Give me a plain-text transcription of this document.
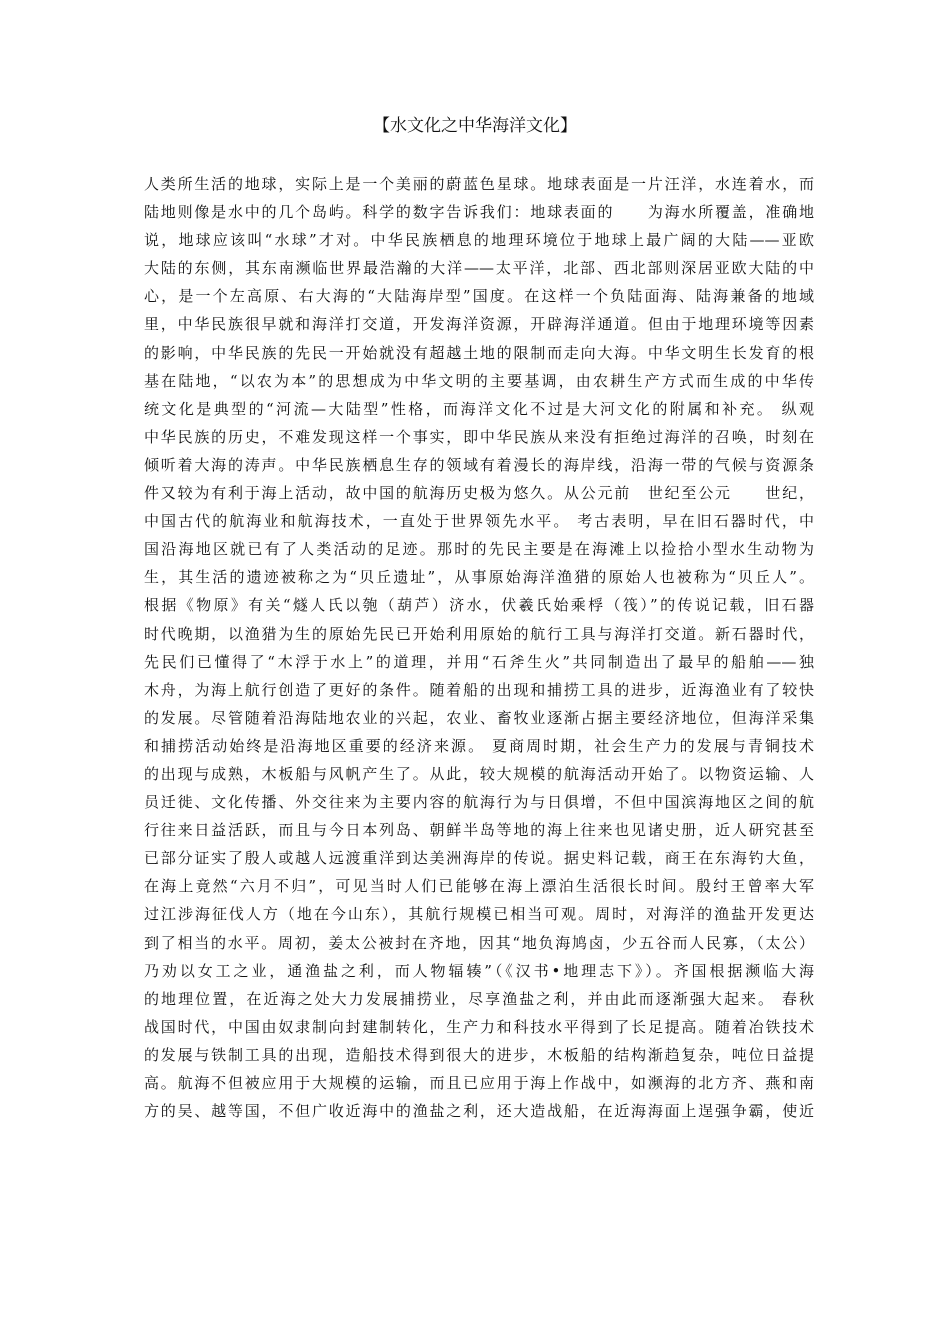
【水文化之中华海洋文化】
人类所生活的地球，实际上是一个美丽的蔚蓝色星球。地球表面是一片汪洋，水连着水，而
陆地则像是水中的几个岛屿。科学的数字告诉我们：地球表面的　　为海水所覆盖，准确地
说，地球应该叫“水球”才对。中华民族栖息的地理环境位于地球上最广阔的大陆——亚欧
大陆的东侧，其东南濒临世界最浩瀚的大洋——太平洋，北部、西北部则深居亚欧大陆的中
心，是一个左高原、右大海的“大陆海岸型”国度。在这样一个负陆面海、陆海兼备的地域
里，中华民族很早就和海洋打交道，开发海洋资源，开辟海洋通道。但由于地理环境等因素
的影响，中华民族的先民一开始就没有超越土地的限制而走向大海。中华文明生长发育的根
基在陆地，“以农为本”的思想成为中华文明的主要基调，由农耕生产方式而生成的中华传
统文化是典型的“河流—大陆型”性格，而海洋文化不过是大河文化的附属和补充。 纵观
中华民族的历史，不难发现这样一个事实，即中华民族从来没有拒绝过海洋的召唤，时刻在
倾听着大海的涛声。中华民族栖息生存的领域有着漫长的海岸线，沿海一带的气候与资源条
件又较为有利于海上活动，故中国的航海历史极为悠久。从公元前　世纪至公元　　世纪，
中国古代的航海业和航海技术，一直处于世界领先水平。 考古表明，早在旧石器时代，中
国沿海地区就已有了人类活动的足迹。那时的先民主要是在海滩上以捡拾小型水生动物为
生，其生活的遗迹被称之为“贝丘遗址”，从事原始海洋渔猎的原始人也被称为“贝丘人”。
根据《物原》有关“燧人氏以匏（葫芦）济水，伏羲氏始乘桴（筏）”的传说记载，旧石器
时代晚期，以渔猎为生的原始先民已开始利用原始的航行工具与海洋打交道。新石器时代，
先民们已懂得了“木浮于水上”的道理，并用“石斧生火”共同制造出了最早的船舶——独
木舟，为海上航行创造了更好的条件。随着船的出现和捕捞工具的进步，近海渔业有了较快
的发展。尽管随着沿海陆地农业的兴起，农业、畜牧业逐渐占据主要经济地位，但海洋采集
和捕捞活动始终是沿海地区重要的经济来源。 夏商周时期，社会生产力的发展与青铜技术
的出现与成熟，木板船与风帆产生了。从此，较大规模的航海活动开始了。以物资运输、人
员迁徙、文化传播、外交往来为主要内容的航海行为与日俱增，不但中国滨海地区之间的航
行往来日益活跃，而且与今日本列岛、朝鲜半岛等地的海上往来也见诸史册，近人研究甚至
已部分证实了殷人或越人远渡重洋到达美洲海岸的传说。据史料记载，商王在东海钓大鱼，
在海上竟然“六月不归”，可见当时人们已能够在海上漂泊生活很长时间。殷纣王曾率大军
过江涉海征伐人方（地在今山东），其航行规模已相当可观。周时，对海洋的渔盐开发更达
到了相当的水平。周初，姜太公被封在齐地，因其“地负海鸠卤，少五谷而人民寡，（太公）
乃劝以女工之业，通渔盐之利，而人物辐辏”（《汉书•地理志下》）。齐国根据濒临大海
的地理位置，在近海之处大力发展捕捞业，尽享渔盐之利，并由此而逐渐强大起来。 春秋
战国时代，中国由奴隶制向封建制转化，生产力和科技水平得到了长足提高。随着冶铁技术
的发展与铁制工具的出现，造船技术得到很大的进步，木板船的结构渐趋复杂，吨位日益提
高。航海不但被应用于大规模的运输，而且已应用于海上作战中，如濒海的北方齐、燕和南
方的吴、越等国，不但广收近海中的渔盐之利，还大造战船，在近海海面上逞强争霸，使近
